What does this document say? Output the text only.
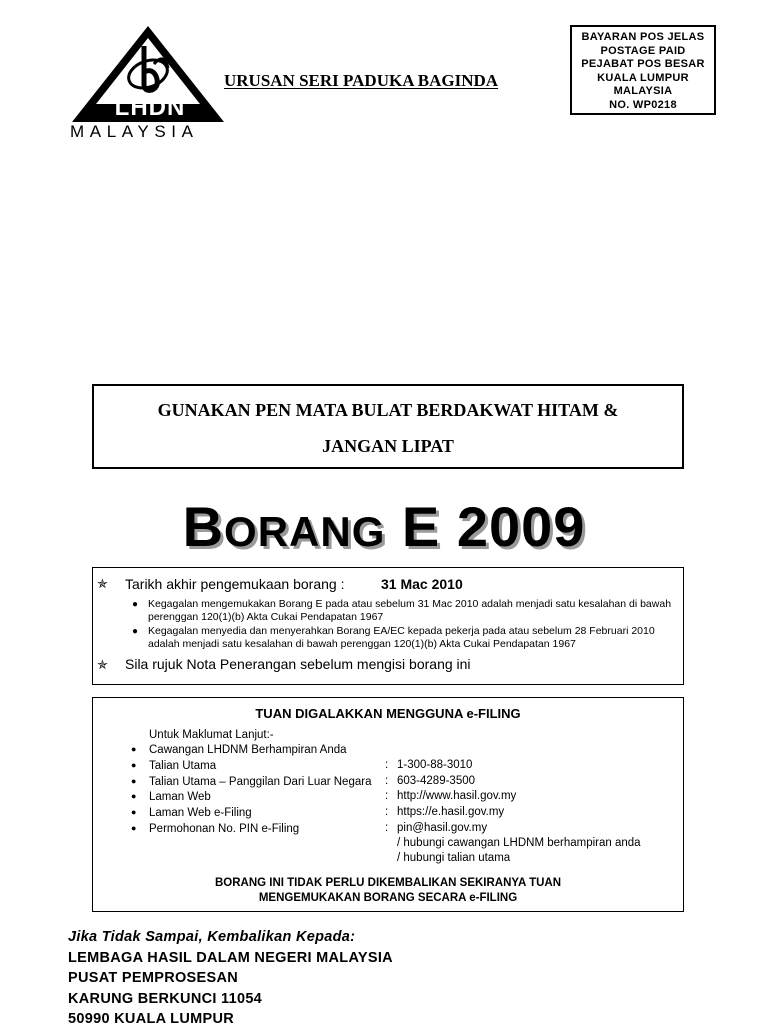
LHDN
MALAYSIA
URUSAN SERI PADUKA BAGINDA
BAYARAN POS JELAS
POSTAGE PAID
PEJABAT POS BESAR
KUALA LUMPUR
MALAYSIA
NO. WP0218
GUNAKAN PEN MATA BULAT BERDAKWAT HITAM &
JANGAN LIPAT
BORANG E 2009
✯ Tarikh akhir pengemukaan borang :	31 Mac 2010
● Kegagalan mengemukakan Borang E pada atau sebelum 31 Mac 2010 adalah menjadi satu kesalahan di bawah
perenggan 120(1)(b) Akta Cukai Pendapatan 1967
● Kegagalan menyedia dan menyerahkan Borang EA/EC kepada pekerja pada atau sebelum 28 Februari 2010
adalah menjadi satu kesalahan di bawah perenggan 120(1)(b) Akta Cukai Pendapatan 1967
✯ Sila rujuk Nota Penerangan sebelum mengisi borang ini
TUAN DIGALAKKAN MENGGUNA e-FILING
Untuk Maklumat Lanjut:-
● Cawangan LHDNM Berhampiran Anda
● Talian Utama	: 1-300-88-3010
● Talian Utama – Panggilan Dari Luar Negara : 603-4289-3500
● Laman Web	: http://www.hasil.gov.my
● Laman Web e-Filing	: https://e.hasil.gov.my
● Permohonan No. PIN e-Filing	: pin@hasil.gov.my
/ hubungi cawangan LHDNM berhampiran anda
/ hubungi talian utama
BORANG INI TIDAK PERLU DIKEMBALIKAN SEKIRANYA TUAN
MENGEMUKAKAN BORANG SECARA e-FILING
Jika Tidak Sampai, Kembalikan Kepada:
LEMBAGA HASIL DALAM NEGERI MALAYSIA
PUSAT PEMPROSESAN
KARUNG BERKUNCI 11054
50990 KUALA LUMPUR
